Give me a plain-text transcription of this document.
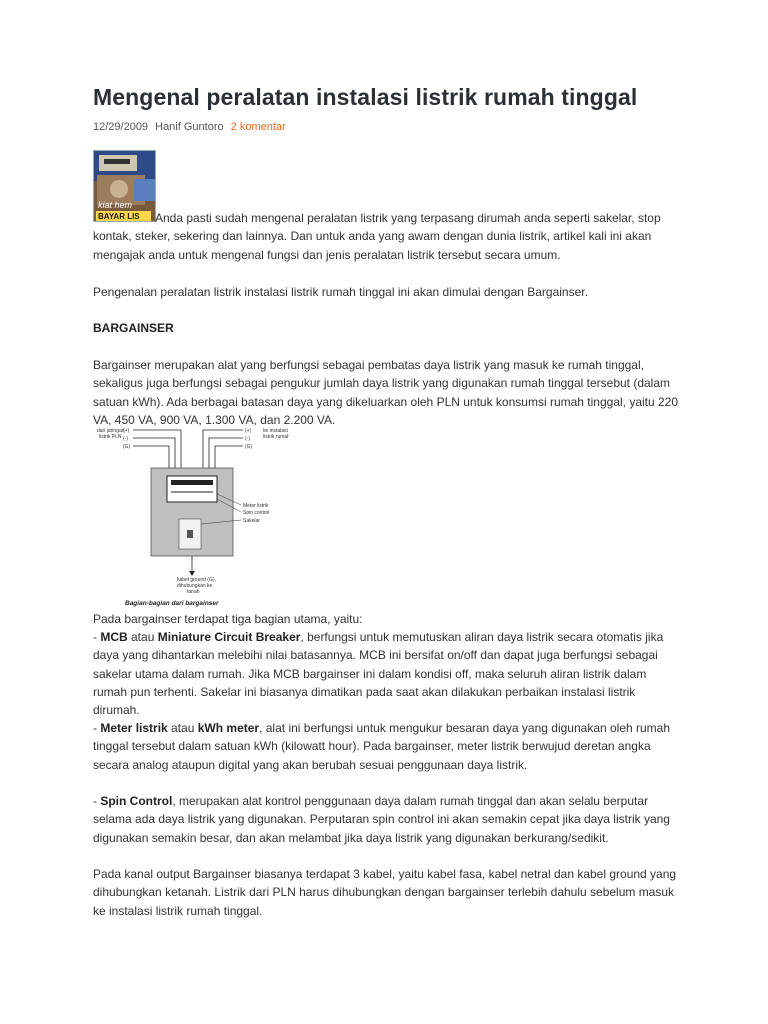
Mengenal peralatan instalasi listrik rumah tinggal
12/29/2009 Hanif Guntoro 2 komentar
kiat hem
BAYAR LIS	Anda pasti sudah mengenal peralatan listrik yang terpasang dirumah anda seperti sakelar, stop kontak, steker, sekering dan lainnya. Dan untuk anda yang awam dengan dunia listrik, artikel kali ini akan mengajak anda untuk mengenal fungsi dan jenis peralatan listrik tersebut secara umum.

Pengenalan peralatan listrik instalasi listrik rumah tinggal ini akan dimulai dengan Bargainser.

BARGAINSER

Bargainser merupakan alat yang berfungsi sebagai pembatas daya listrik yang masuk ke rumah tinggal, sekaligus juga berfungsi sebagai pengukur jumlah daya listrik yang digunakan rumah tinggal tersebut (dalam satuan kWh). Ada berbagai batasan daya yang dikeluarkan oleh PLN untuk konsumsi rumah tinggal, yaitu 220 VA, 450 VA, 900 VA, 1.300 VA, dan 2.200 VA.

dari jaringan
listrik PLN
(+)
(-)
(G)
ke instalasi
listrik rumah
(+)
(-)
(G)
Meter listrik
Spin control
Sakelar
kabel ground (G),
dihubungkan ke
tanah
Bagian-bagian dari bargainser

Pada bargainser terdapat tiga bagian utama, yaitu:

- MCB atau Miniature Circuit Breaker, berfungsi untuk memutuskan aliran daya listrik secara otomatis jika daya yang dihantarkan melebihi nilai batasannya. MCB ini bersifat on/off dan dapat juga berfungsi sebagai sakelar utama dalam rumah. Jika MCB bargainser ini dalam kondisi off, maka seluruh aliran listrik dalam rumah pun terhenti. Sakelar ini biasanya dimatikan pada saat akan dilakukan perbaikan instalasi listrik dirumah.

- Meter listrik atau kWh meter, alat ini berfungsi untuk mengukur besaran daya yang digunakan oleh rumah tinggal tersebut dalam satuan kWh (kilowatt hour). Pada bargainser, meter listrik berwujud deretan angka secara analog ataupun digital yang akan berubah sesuai penggunaan daya listrik.

- Spin Control, merupakan alat kontrol penggunaan daya dalam rumah tinggal dan akan selalu berputar selama ada daya listrik yang digunakan. Perputaran spin control ini akan semakin cepat jika daya listrik yang digunakan semakin besar, dan akan melambat jika daya listrik yang digunakan berkurang/sedikit.

Pada kanal output Bargainser biasanya terdapat 3 kabel, yaitu kabel fasa, kabel netral dan kabel ground yang dihubungkan ketanah. Listrik dari PLN harus dihubungkan dengan bargainser terlebih dahulu sebelum masuk ke instalasi listrik rumah tinggal.
